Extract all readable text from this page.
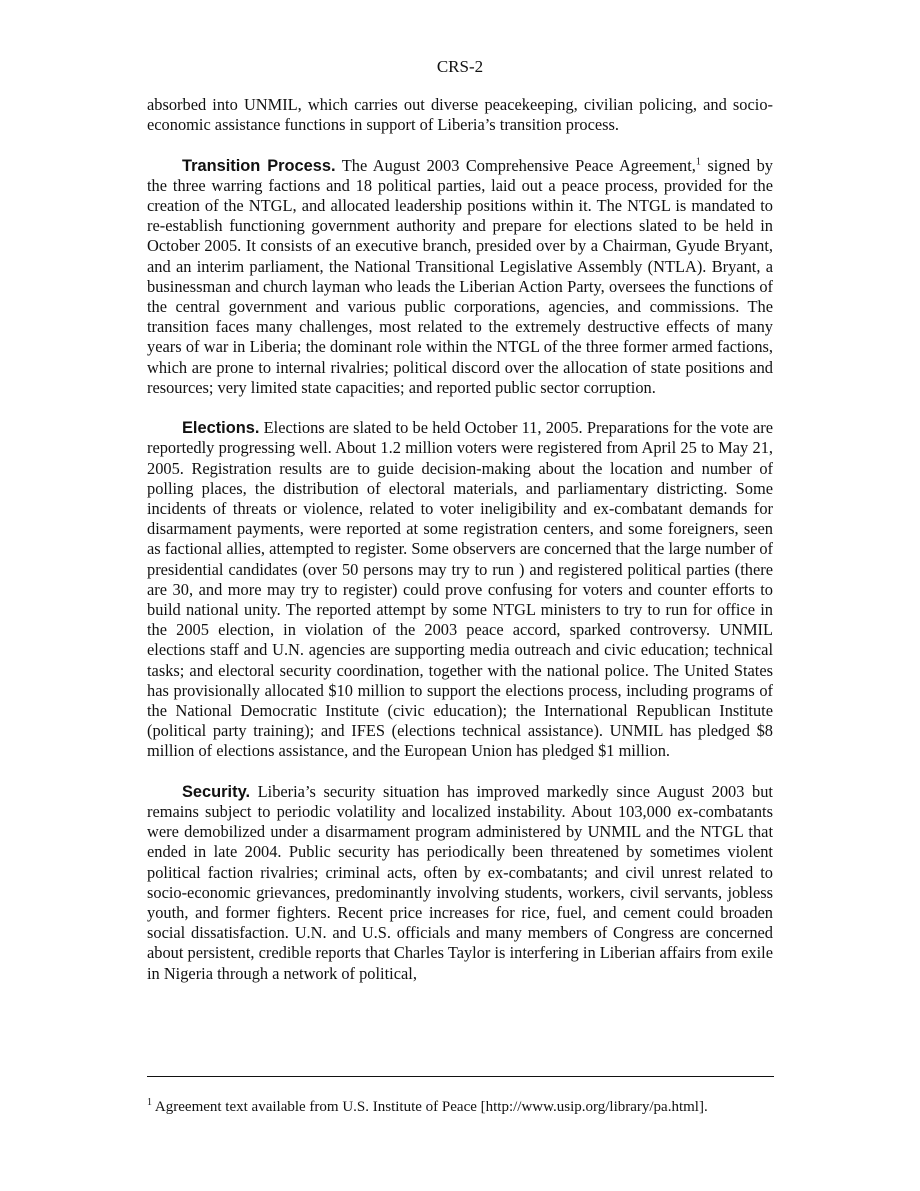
CRS-2

absorbed into UNMIL, which carries out diverse peacekeeping, civilian policing, and socio-economic assistance functions in support of Liberia’s transition process.

Transition Process. The August 2003 Comprehensive Peace Agreement,$^1$ signed by the three warring factions and 18 political parties, laid out a peace process, provided for the creation of the NTGL, and allocated leadership positions within it. The NTGL is mandated to re-establish functioning government authority and prepare for elections slated to be held in October 2005. It consists of an executive branch, presided over by a Chairman, Gyude Bryant, and an interim parliament, the National Transitional Legislative Assembly (NTLA). Bryant, a businessman and church layman who leads the Liberian Action Party, oversees the functions of the central government and various public corporations, agencies, and commissions. The transition faces many challenges, most related to the extremely destructive effects of many years of war in Liberia; the dominant role within the NTGL of the three former armed factions, which are prone to internal rivalries; political discord over the allocation of state positions and resources; very limited state capacities; and reported public sector corruption.

Elections. Elections are slated to be held October 11, 2005. Preparations for the vote are reportedly progressing well. About 1.2 million voters were registered from April 25 to May 21, 2005. Registration results are to guide decision-making about the location and number of polling places, the distribution of electoral materials, and parliamentary districting. Some incidents of threats or violence, related to voter ineligibility and ex-combatant demands for disarmament payments, were reported at some registration centers, and some foreigners, seen as factional allies, attempted to register. Some observers are concerned that the large number of presidential candidates (over 50 persons may try to run ) and registered political parties (there are 30, and more may try to register) could prove confusing for voters and counter efforts to build national unity. The reported attempt by some NTGL ministers to try to run for office in the 2005 election, in violation of the 2003 peace accord, sparked controversy. UNMIL elections staff and U.N. agencies are supporting media outreach and civic education; technical tasks; and electoral security coordination, together with the national police. The United States has provisionally allocated $10 million to support the elections process, including programs of the National Democratic Institute (civic education); the International Republican Institute (political party training); and IFES (elections technical assistance). UNMIL has pledged $8 million of elections assistance, and the European Union has pledged $1 million.

Security. Liberia’s security situation has improved markedly since August 2003 but remains subject to periodic volatility and localized instability. About 103,000 ex-combatants were demobilized under a disarmament program administered by UNMIL and the NTGL that ended in late 2004. Public security has periodically been threatened by sometimes violent political faction rivalries; criminal acts, often by ex-combatants; and civil unrest related to socio-economic grievances, predominantly involving students, workers, civil servants, jobless youth, and former fighters. Recent price increases for rice, fuel, and cement could broaden social dissatisfaction. U.N. and U.S. officials and many members of Congress are concerned about persistent, credible reports that Charles Taylor is interfering in Liberian affairs from exile in Nigeria through a network of political,

$^1$ Agreement text available from U.S. Institute of Peace [http://www.usip.org/library/pa.html].
